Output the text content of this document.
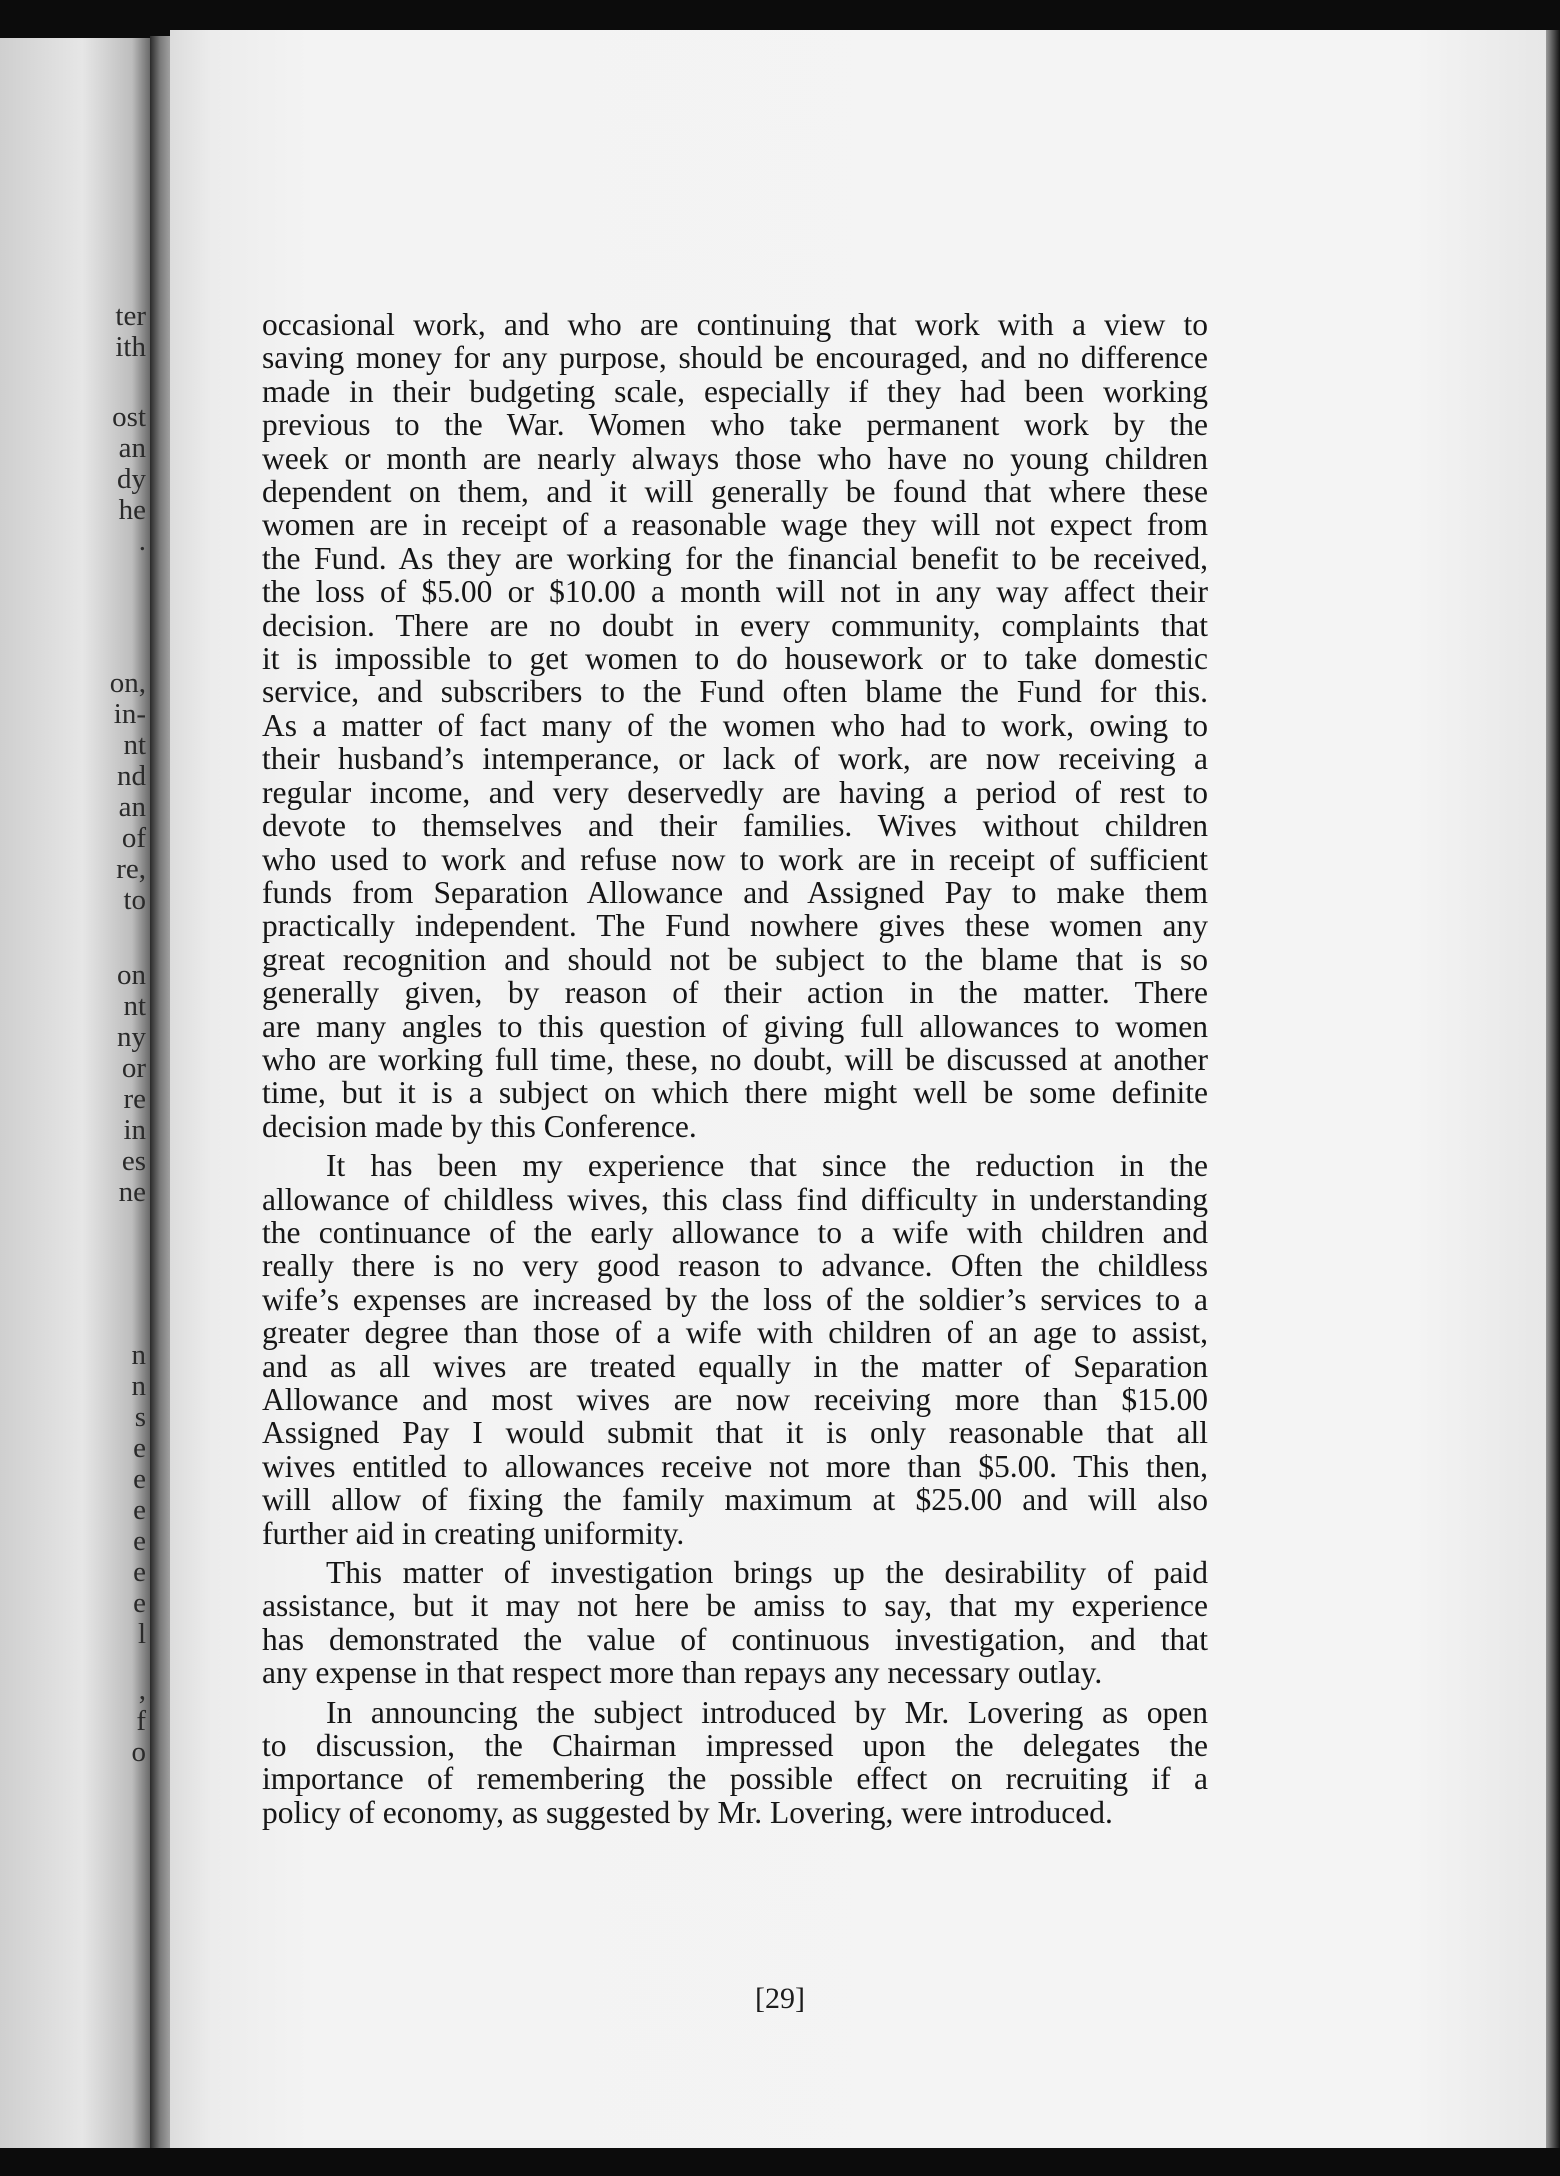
ter
ith
ost
an
dy
he
.
on,
in-
nt
nd
an
of
re,
to
on
nt
ny
or
re
in
es
ne
n
n
s
e
e
e
e
e
e
l
,
f
o
occasional work, and who are continuing that work with a view to
saving money for any purpose, should be encouraged, and no difference
made in their budgeting scale, especially if they had been working
previous to the War. Women who take permanent work by the
week or month are nearly always those who have no young children
dependent on them, and it will generally be found that where these
women are in receipt of a reasonable wage they will not expect from
the Fund. As they are working for the financial benefit to be received,
the loss of $5.00 or $10.00 a month will not in any way affect their
decision. There are no doubt in every community, complaints that
it is impossible to get women to do housework or to take domestic
service, and subscribers to the Fund often blame the Fund for this.
As a matter of fact many of the women who had to work, owing to
their husband’s intemperance, or lack of work, are now receiving a
regular income, and very deservedly are having a period of rest to
devote to themselves and their families. Wives without children
who used to work and refuse now to work are in receipt of sufficient
funds from Separation Allowance and Assigned Pay to make them
practically independent. The Fund nowhere gives these women any
great recognition and should not be subject to the blame that is so
generally given, by reason of their action in the matter. There
are many angles to this question of giving full allowances to women
who are working full time, these, no doubt, will be discussed at another
time, but it is a subject on which there might well be some definite
decision made by this Conference.
It has been my experience that since the reduction in the
allowance of childless wives, this class find difficulty in understanding
the continuance of the early allowance to a wife with children and
really there is no very good reason to advance. Often the childless
wife’s expenses are increased by the loss of the soldier’s services to a
greater degree than those of a wife with children of an age to assist,
and as all wives are treated equally in the matter of Separation
Allowance and most wives are now receiving more than $15.00
Assigned Pay I would submit that it is only reasonable that all
wives entitled to allowances receive not more than $5.00. This then,
will allow of fixing the family maximum at $25.00 and will also
further aid in creating uniformity.
This matter of investigation brings up the desirability of paid
assistance, but it may not here be amiss to say, that my experience
has demonstrated the value of continuous investigation, and that
any expense in that respect more than repays any necessary outlay.
In announcing the subject introduced by Mr. Lovering as open
to discussion, the Chairman impressed upon the delegates the
importance of remembering the possible effect on recruiting if a
policy of economy, as suggested by Mr. Lovering, were introduced.
[29]
